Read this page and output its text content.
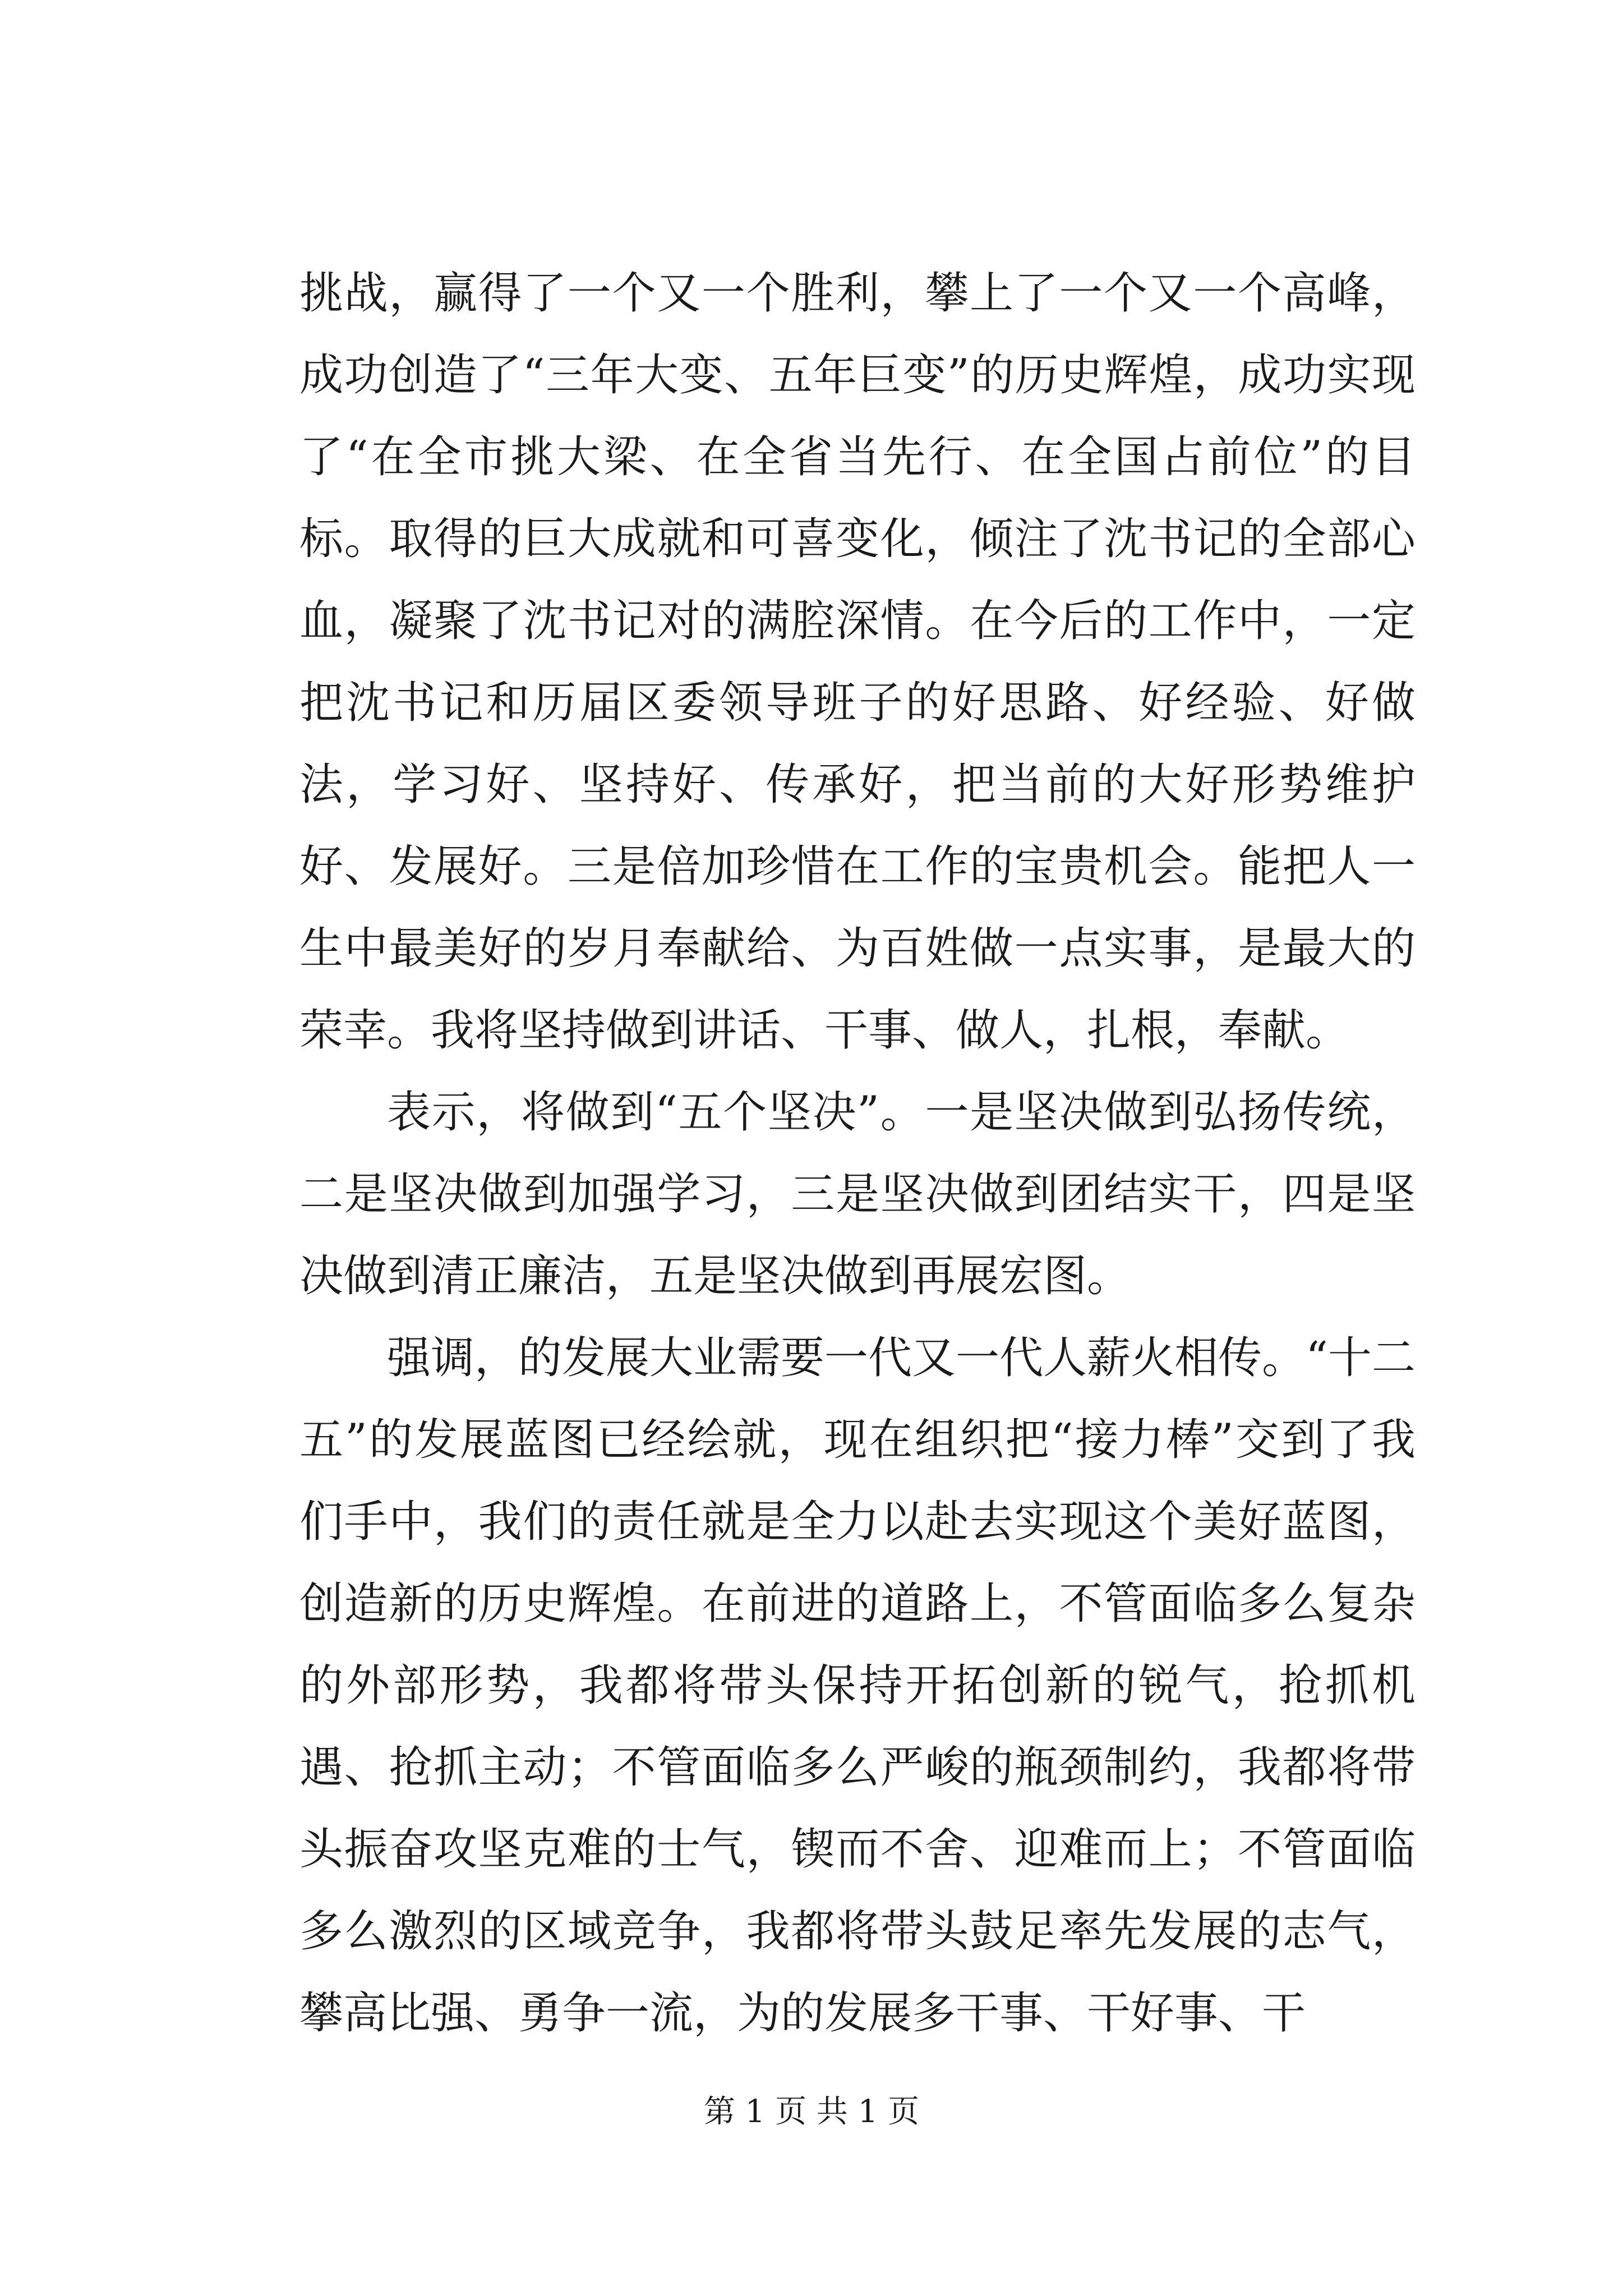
挑战，赢得了一个又一个胜利，攀上了一个又一个高峰，成功创造了“三年大变、五年巨变”的历史辉煌，成功实现了“在全市挑大梁、在全省当先行、在全国占前位”的目标。取得的巨大成就和可喜变化，倾注了沈书记的全部心血，凝聚了沈书记对的满腔深情。在今后的工作中，一定把沈书记和历届区委领导班子的好思路、好经验、好做法，学习好、坚持好、传承好，把当前的大好形势维护好、发展好。三是倍加珍惜在工作的宝贵机会。能把人一生中最美好的岁月奉献给、为百姓做一点实事，是最大的荣幸。我将坚持做到讲话、干事、做人，扎根，奉献。

表示，将做到“五个坚决”。一是坚决做到弘扬传统，二是坚决做到加强学习，三是坚决做到团结实干，四是坚决做到清正廉洁，五是坚决做到再展宏图。

强调，的发展大业需要一代又一代人薪火相传。“十二五”的发展蓝图已经绘就，现在组织把“接力棒”交到了我们手中，我们的责任就是全力以赴去实现这个美好蓝图，创造新的历史辉煌。在前进的道路上，不管面临多么复杂的外部形势，我都将带头保持开拓创新的锐气，抢抓机遇、抢抓主动；不管面临多么严峻的瓶颈制约，我都将带头振奋攻坚克难的士气，锲而不舍、迎难而上；不管面临多么激烈的区域竞争，我都将带头鼓足率先发展的志气，攀高比强、勇争一流，为的发展多干事、干好事、干

第 1 页 共 1 页
